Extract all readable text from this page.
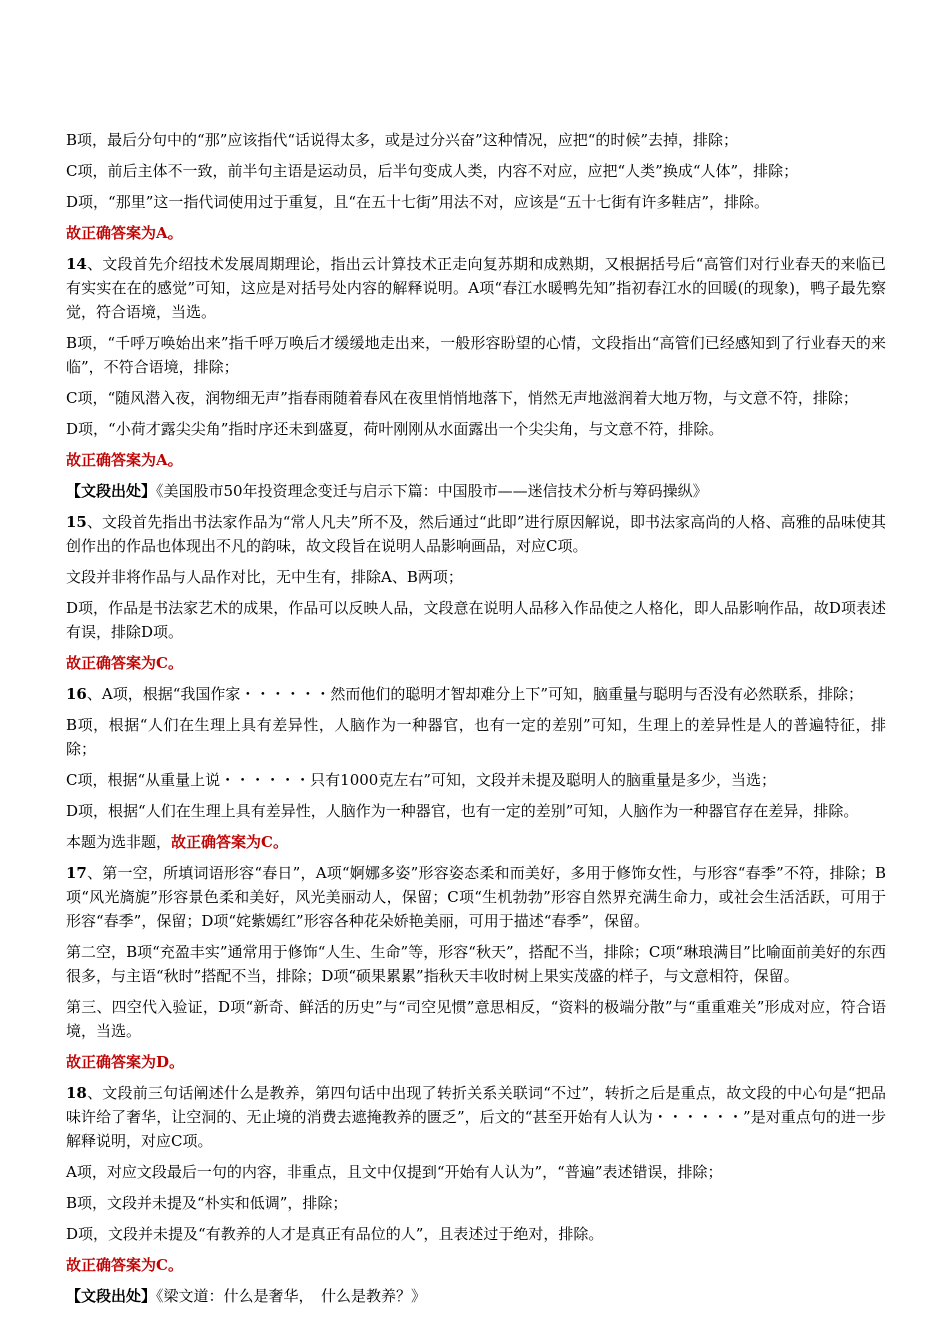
B项，最后分句中的“那”应该指代“话说得太多，或是过分兴奋”这种情况，应把“的时候”去掉，排除；

C项，前后主体不一致，前半句主语是运动员，后半句变成人类，内容不对应，应把“人类”换成“人体”，排除；

D项，“那里”这一指代词使用过于重复，且“在五十七街”用法不对，应该是“五十七街有许多鞋店”，排除。

故正确答案为A。

14、文段首先介绍技术发展周期理论，指出云计算技术正走向复苏期和成熟期，又根据括号后“高管们对行业春天的来临已有实实在在的感觉”可知，这应是对括号处内容的解释说明。A项“春江水暖鸭先知”指初春江水的回暖(的现象)，鸭子最先察觉，符合语境，当选。

B项，“千呼万唤始出来”指千呼万唤后才缓缓地走出来，一般形容盼望的心情，文段指出“高管们已经感知到了行业春天的来临”，不符合语境，排除；

C项，“随风潜入夜，润物细无声”指春雨随着春风在夜里悄悄地落下，悄然无声地滋润着大地万物，与文意不符，排除；

D项，“小荷才露尖尖角”指时序还未到盛夏，荷叶刚刚从水面露出一个尖尖角，与文意不符，排除。

故正确答案为A。

【文段出处】《美国股市50年投资理念变迁与启示下篇：中国股市——迷信技术分析与筹码操纵》

15、文段首先指出书法家作品为“常人凡夫”所不及，然后通过“此即”进行原因解说，即书法家高尚的人格、高雅的品味使其创作出的作品也体现出不凡的韵味，故文段旨在说明人品影响画品，对应C项。

文段并非将作品与人品作对比，无中生有，排除A、B两项；

D项，作品是书法家艺术的成果，作品可以反映人品，文段意在说明人品移入作品使之人格化，即人品影响作品，故D项表述有误，排除D项。

故正确答案为C。

16、A项，根据“我国作家・・・・・・然而他们的聪明才智却难分上下”可知，脑重量与聪明与否没有必然联系，排除；

B项，根据“人们在生理上具有差异性，人脑作为一种器官，也有一定的差别”可知，生理上的差异性是人的普遍特征，排除；

C项，根据“从重量上说・・・・・・只有1000克左右”可知，文段并未提及聪明人的脑重量是多少，当选；

D项，根据“人们在生理上具有差异性，人脑作为一种器官，也有一定的差别”可知，人脑作为一种器官存在差异，排除。

本题为选非题，故正确答案为C。

17、第一空，所填词语形容“春日”，A项“婀娜多姿”形容姿态柔和而美好，多用于修饰女性，与形容“春季”不符，排除；B项“风光旖旎”形容景色柔和美好，风光美丽动人，保留；C项“生机勃勃”形容自然界充满生命力，或社会生活活跃，可用于形容“春季”，保留；D项“姹紫嫣红”形容各种花朵娇艳美丽，可用于描述“春季”，保留。

第二空，B项“充盈丰实”通常用于修饰“人生、生命”等，形容“秋天”，搭配不当，排除；C项“琳琅满目”比喻面前美好的东西很多，与主语“秋时”搭配不当，排除；D项“硕果累累”指秋天丰收时树上果实茂盛的样子，与文意相符，保留。

第三、四空代入验证，D项“新奇、鲜活的历史”与“司空见惯”意思相反，“资料的极端分散”与“重重难关”形成对应，符合语境，当选。

故正确答案为D。

18、文段前三句话阐述什么是教养，第四句话中出现了转折关系关联词“不过”，转折之后是重点，故文段的中心句是“把品味许给了奢华，让空洞的、无止境的消费去遮掩教养的匮乏”，后文的“甚至开始有人认为・・・・・・”是对重点句的进一步解释说明，对应C项。

A项，对应文段最后一句的内容，非重点，且文中仅提到“开始有人认为”，“普遍”表述错误，排除；

B项，文段并未提及“朴实和低调”，排除；

D项，文段并未提及“有教养的人才是真正有品位的人”，且表述过于绝对，排除。

故正确答案为C。

【文段出处】《梁文道：什么是奢华，　什么是教养？》
